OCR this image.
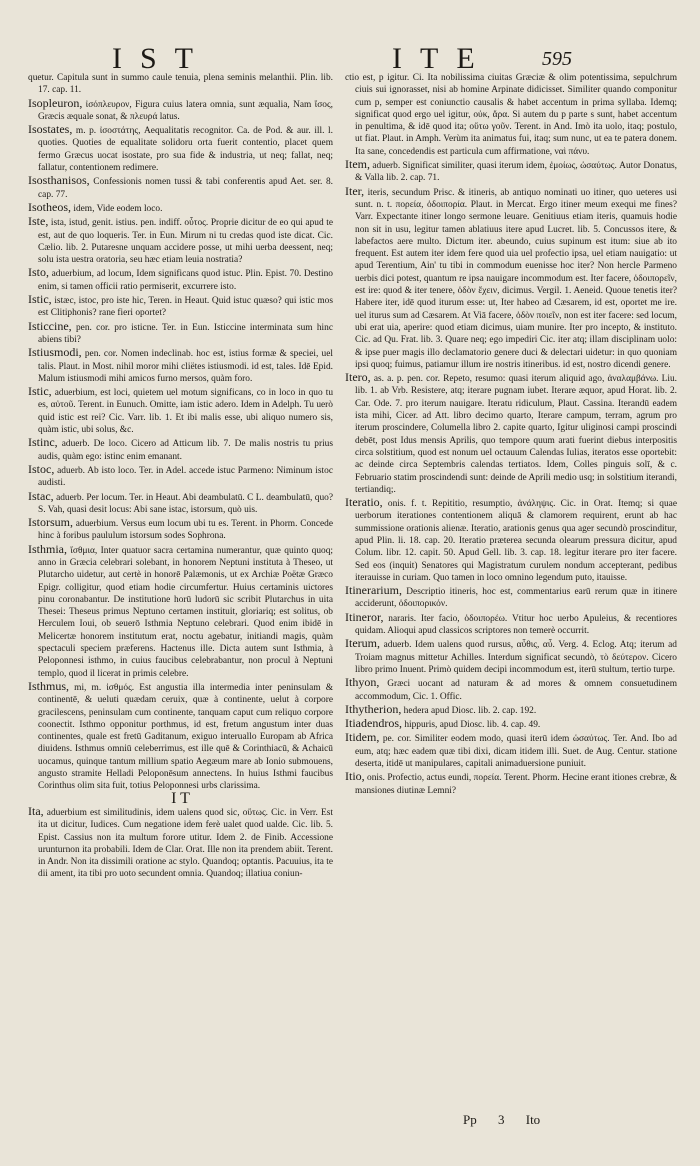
IST	ITE 595

quetur. Capitula sunt in summo caule tenuia, plena seminis melanthii. Plin. lib. 17. cap. 11.

Isopleuron, ἰσόπλευρον, Figura cuius latera omnia, sunt æqualia, Nam ἴσος, Græcis æquale sonat, & πλευρά latus.

Isostates, m. p. ἰσοστάτης, Aequalitatis recognitor. Ca. de Pod. & aur. ill. l. quoties. Quoties de equalitate solidoru orta fuerit contentio, placet quem fermo Græcus uocat isostate, pro sua fide & industria, ut neq; fallat, neq; fallatur, contentionem redimere.

Isosthanisos, Confessionis nomen tussi & tabi conferentis apud Aet. ser. 8. cap. 77.

Isotheos, idem, Vide eodem loco.

Iste, ista, istud, genit. istius. pen. indiff. οὗτος. Proprie dicitur de eo qui apud te est, aut de quo loqueris. Ter. in Eun. Mirum ni tu credas quod iste dicat. Cic. Cælio. lib. 2. Putaresne unquam accidere posse, ut mihi uerba deessent, neq; solu ista uestra oratoria, seu hæc etiam leuia nostratia?

Isto, aduerbium, ad locum, Idem significans quod istuc. Plin. Epist. 70. Destino enim, si tamen officii ratio permiserit, excurrere isto.

Istic, istæc, istoc, pro iste hic, Teren. in Heaut. Quid istuc quæso? qui istic mos est Clitiphonis? rane fieri oportet?

Isticcine, pen. cor. pro isticne. Ter. in Eun. Isticcine interminata sum hinc abiens tibi?

Istiusmodi, pen. cor. Nomen indeclinab. hoc est, istius formæ & speciei, uel talis. Plaut. in Most. nihil moror mihi cliëtes istiusmodi. id est, tales. Idē Epid. Malum istiusmodi mihi amicos furno mersos, quàm foro.

Istic, aduerbium, est loci, quietem uel motum significans, co in loco in quo tu es, αὐτοῦ. Terent. in Eunuch. Omitte, iam istic adero. Idem in Adelph. Tu uerò quid istic est rei? Cic. Varr. lib. 1. Et ibi malis esse, ubi aliquo numero sis, quàm istic, ubi solus, &c.

Istinc, aduerb. De loco. Cicero ad Atticum lib. 7. De malis nostris tu prius audis, quàm ego: istinc enim emanant.

Istoc, aduerb. Ab isto loco. Ter. in Adel. accede istuc Parmeno: Niminum istoc audisti.

Istac, aduerb. Per locum. Ter. in Heaut. Abi deambulatū. C L. deambulatū, quo? S. Vah, quasi desit locus: Abi sane istac, istorsum, quò uis.

Istorsum, aduerbium. Versus eum locum ubi tu es. Terent. in Phorm. Concede hinc à foribus paululum istorsum sodes Sophrona.

Isthmia, ἴσθμια, Inter quatuor sacra certamina numerantur, quæ quinto quoq; anno in Græcia celebrari solebant, in honorem Neptuni instituta à Theseo, ut Plutarcho uidetur, aut certè in honorē Palæmonis, ut ex Archiæ Poëtæ Græco Epigr. colligitur, quod etiam hodie circumfertur. Huius certaminis uictores pinu coronabantur. De institutione horū ludorū sic scribit Plutarchus in uita Thesei: Theseus primus Neptuno certamen instituit, gloriariq; est solitus, ob Herculem Ioui, ob seuerō Isthmia Neptuno celebrari. Quod enim ibidē in Melicertæ honorem institutum erat, noctu agebatur, initiandi magis, quàm spectaculi speciem præferens. Hactenus ille. Dicta autem sunt Isthmia, à Peloponnesi isthmo, in cuius faucibus celebrabantur, non procul à Neptuni templo, quod il licerat in primis celebre.

Isthmus, mi, m. ἰσθμός. Est angustia illa intermedia inter peninsulam & continentē, & ueluti quædam ceruix, quæ à continente, uelut à corpore gracilescens, peninsulam cum continente, tanquam caput cum reliquo corpore coonectit. Isthmo opponitur porthmus, id est, fretum angustum inter duas continentes, quale est fretū Gaditanum, exiguo interuallo Europam ab Africa diuidens. Isthmus omniū celeberrimus, est ille quē & Corinthiacū, & Achaicū uocamus, quinque tantum millium spatio Aegæum mare ab Ionio submouens, angusto stramite Helladi Peloponēsum annectens. In huius Isthmi faucibus Corinthus olim sita fuit, totius Peloponnesi urbs clarissima.

I T

Ita, aduerbium est similitudinis, idem ualens quod sic, οὕτως. Cic. in Verr. Est ita ut dicitur, Iudices. Cum negatione idem ferè ualet quod ualde. Cic. lib. 5. Epist. Cassius non ita multum forore utitur. Idem 2. de Finib. Accessione urunturnon ita probabili. Idem de Clar. Orat. Ille non ita prendem abiit. Terent. in Andr. Non ita dissimili oratione ac stylo. Quandoq; optantis. Pacuuius, ita te dii ament, ita tibi pro uoto secundent omnia. Quandoq; illatiua coniun-

ctio est, p igitur. Ci. Ita nobilissima ciuitas Græciæ & olim potentissima, sepulchrum ciuis sui ignorasset, nisi ab homine Arpinate didicisset. Similiter quando componitur cum p, semper est coniunctio causalis & habet accentum in prima syllaba. Idemq; significat quod ergo uel igitur, οὐκ, ἄρα. Si autem du p parte s sunt, habet accentum in penultima, & idē quod ita; οὕτω γοῦν. Terent. in And. Imò ita uolo, itaq; postulo, ut fiat. Plaut. in Amph. Verùm ita animatus fui, itaq; sum nunc, ut ea te patera donem. Ita sane, concedendis est particula cum affirmatione, ναὶ πάνυ.

Item, aduerb. Significat similiter, quasi iterum idem, ἐμοίως, ὡσαύτως. Autor Donatus, & Valla lib. 2. cap. 71.

Iter, iteris, secundum Prisc. & itineris, ab antiquo nominati uo itiner, quo ueteres usi sunt. n. t. πορεία, ὁδοιπορία. Plaut. in Mercat. Ergo itiner meum exequi me fines? Varr. Expectante itiner longo sermone leuare. Genitiuus etiam iteris, quamuis hodie non sit in usu, legitur tamen ablatiuus itere apud Lucret. lib. 5. Concussos itere, & labefactos aere multo. Dictum iter. abeundo, cuius supinum est itum: siue ab ito frequent. Est autem iter idem fere quod uia uel profectio ipsa, uel etiam nauigatio: ut apud Terentium, Ain' tu tibi in commodum euenisse hoc iter? Non hercle Parmeno uerbis dici potest, quantum re ipsa nauigare incommodum est. Iter facere, ὁδοιπορεῖν, est ire: quod & iter tenere, ὁδὸν ἔχειν, dicimus. Vergil. 1. Aeneid. Quoue tenetis iter? Habere iter, idē quod iturum esse: ut, Iter habeo ad Cæsarem, id est, oportet me ire. uel iturus sum ad Cæsarem. At Viā facere, ὁδὸν ποιεῖν, non est iter facere: sed locum, ubi erat uia, aperire: quod etiam dicimus, uiam munire. Iter pro incepto, & instituto. Cic. ad Qu. Frat. lib. 3. Quare neq; ego impediri Cic. iter atq; illam disciplinam uolo: & ipse puer magis illo declamatorio genere duci & delectari uidetur: in quo quoniam ipsi quoq; fuimus, patiamur illum ire nostris itineribus. id est, nostro dicendi genere.

Itero, as. a. p. pen. cor. Repeto, resumo: quasi iterum aliquid ago, ἀναλαμβάνω. Liu. lib. 1. ab Vrb. Resistere, atq; iterare pugnam iubet. Iterare æquor, apud Horat. lib. 2. Car. Ode. 7. pro iterum nauigare. Iteratu ridiculum, Plaut. Cassina. Iterandū eadem ista mihi, Cicer. ad Att. libro decimo quarto, Iterare campum, terram, agrum pro iterum proscindere, Columella libro 2. capite quarto, Igitur uliginosi campi proscindi debēt, post Idus mensis Aprilis, quo tempore quum arati fuerint diebus interpositis circa solstitium, quod est nonum uel octauum Calendas Iulias, iteratos esse oportebit: ac deinde circa Septembris calendas tertiatos. Idem, Colles pinguis solī, & c. Februario statim proscindendi sunt: deinde de Aprili medio usq; in solstitium iterandi, tertiandiq;.

Iteratio, onis. f. t. Repititio, resumptio, ἀνάληψις. Cic. in Orat. Itemq; si quae uerborum iterationes contentionem aliquā & clamorem requirent, erunt ab hac summissione orationis alienæ. Iteratio, arationis genus qua ager secundò proscinditur, apud Plin. li. 18. cap. 20. Iteratio præterea secunda olearum pressura dicitur, apud Colum. libr. 12. capit. 50. Apud Gell. lib. 3. cap. 18. legitur iterare pro iter facere. Sed eos (inquit) Senatores qui Magistratum curulem nondum accepterant, pedibus iterauisse in curiam. Quo tamen in loco omnino legendum puto, itauisse.

Itinerarium, Descriptio itineris, hoc est, commentarius earū rerum quæ in itinere acciderunt, ὁδοιπορικόν.

Itineror, nararis. Iter facio, ὁδοιπορέω. Vtitur hoc uerbo Apuleius, & recentiores quidam. Alioqui apud classicos scriptores non temerè occurrit.

Iterum, aduerb. Idem ualens quod rursus, αὖθις, αὖ. Verg. 4. Eclog. Atq; iterum ad Troiam magnus mittetur Achilles. Interdum significat secundò, τὸ δεύτερον. Cicero libro primo Inuent. Primò quidem decipi incommodum est, iterū stultum, tertio turpe.

Ithyon, Græci uocant ad naturam & ad mores & omnem consuetudinem accommodum, Cic. 1. Offic.

Ithytherion, hedera apud Diosc. lib. 2. cap. 192.

Itiadendros, hippuris, apud Diosc. lib. 4. cap. 49.

Itidem, pe. cor. Similiter eodem modo, quasi iterū idem ὡσαύτως. Ter. And. Ibo ad eum, atq; hæc eadem quæ tibi dixi, dicam itidem illi. Suet. de Aug. Centur. statione deserta, itidē ut manipulares, capitali animaduersione puniuit.

Itio, onis. Profectio, actus eundi, πορεία. Terent. Phorm. Hecine erant itiones crebræ, & mansiones diutinæ Lemni?

Pp 3 Ito
